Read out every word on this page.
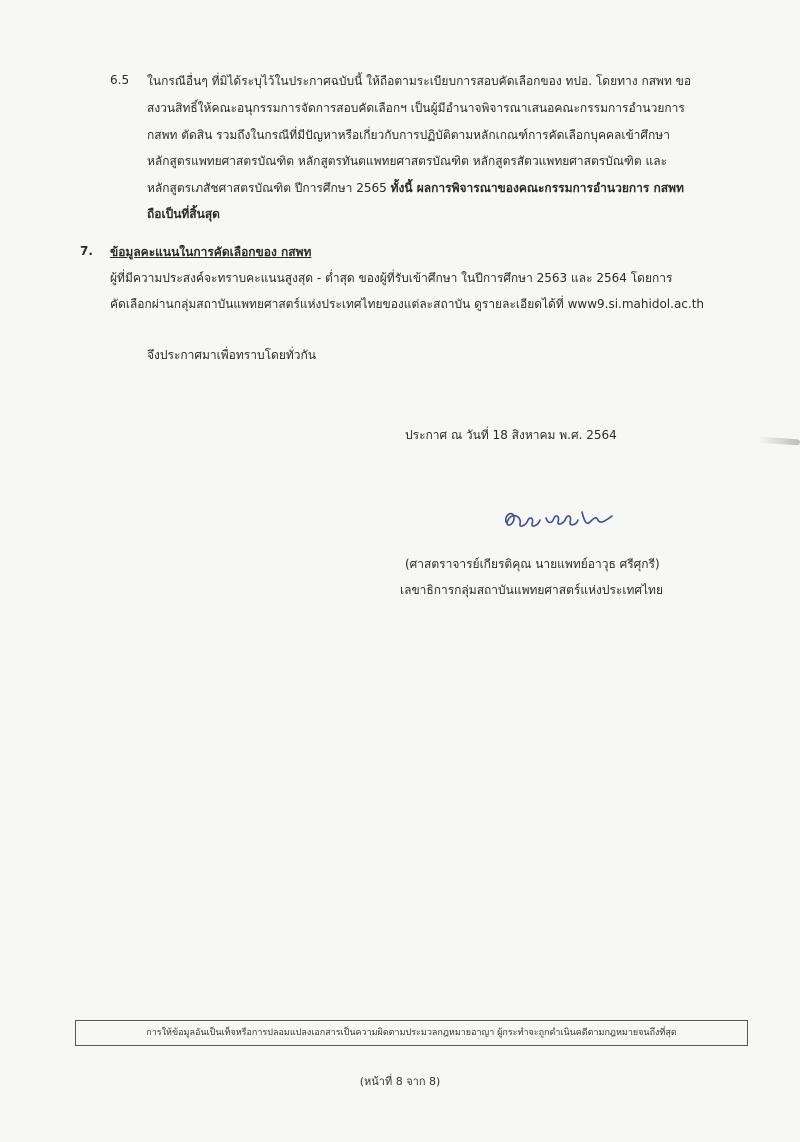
6.5 ในกรณีอื่นๆ ที่มิได้ระบุไว้ในประกาศฉบับนี้ ให้ถือตามระเบียบการสอบคัดเลือกของ ทปอ. โดยทาง กสพท ขอ
สงวนสิทธิ์ให้คณะอนุกรรมการจัดการสอบคัดเลือกฯ เป็นผู้มีอำนาจพิจารณาเสนอคณะกรรมการอำนวยการ
กสพท ตัดสิน รวมถึงในกรณีที่มีปัญหาหรือเกี่ยวกับการปฏิบัติตามหลักเกณฑ์การคัดเลือกบุคคลเข้าศึกษา
หลักสูตรแพทยศาสตรบัณฑิต หลักสูตรทันตแพทยศาสตรบัณฑิต หลักสูตรสัตวแพทยศาสตรบัณฑิต และ
หลักสูตรเภสัชศาสตรบัณฑิต ปีการศึกษา 2565 ทั้งนี้ ผลการพิจารณาของคณะกรรมการอำนวยการ กสพท
ถือเป็นที่สิ้นสุด
7. ข้อมูลคะแนนในการคัดเลือกของ กสพท
ผู้ที่มีความประสงค์จะทราบคะแนนสูงสุด - ต่ำสุด ของผู้ที่รับเข้าศึกษา ในปีการศึกษา 2563 และ 2564 โดยการ
คัดเลือกผ่านกลุ่มสถาบันแพทยศาสตร์แห่งประเทศไทยของแต่ละสถาบัน ดูรายละเอียดได้ที่ www9.si.mahidol.ac.th
จึงประกาศมาเพื่อทราบโดยทั่วกัน
ประกาศ ณ วันที่ 18 สิงหาคม พ.ศ. 2564
(ศาสตราจารย์เกียรติคุณ นายแพทย์อาวุธ ศรีศุกรี)
เลขาธิการกลุ่มสถาบันแพทยศาสตร์แห่งประเทศไทย
การให้ข้อมูลอันเป็นเท็จหรือการปลอมแปลงเอกสารเป็นความผิดตามประมวลกฎหมายอาญา ผู้กระทำจะถูกดำเนินคดีตามกฎหมายจนถึงที่สุด
(หน้าที่ 8 จาก 8)
